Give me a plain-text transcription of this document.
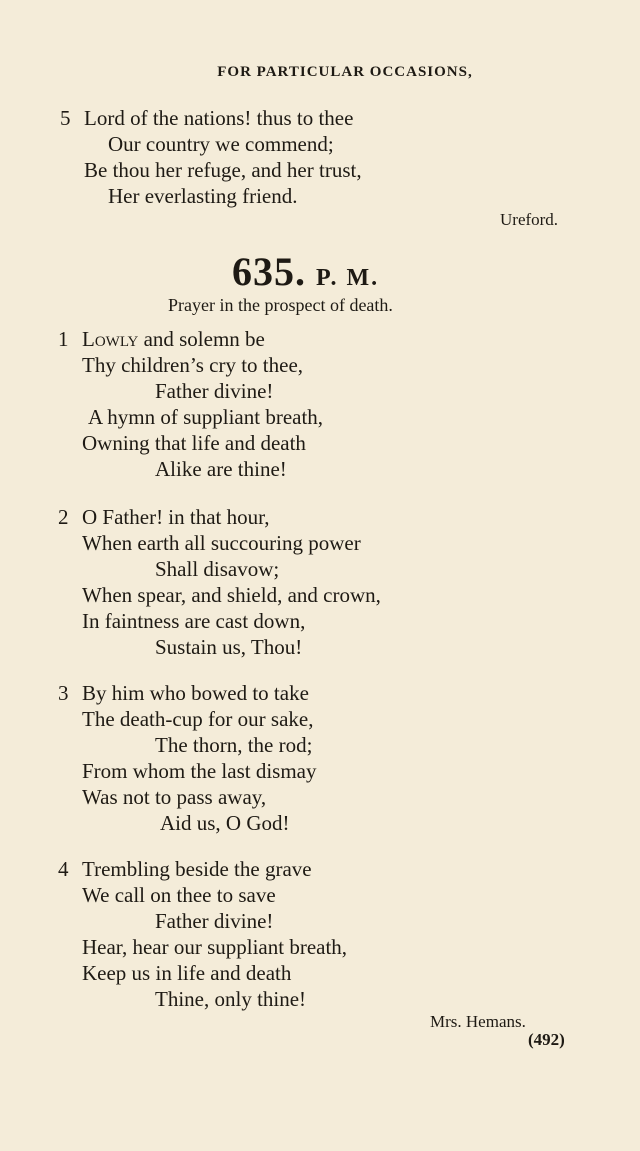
FOR PARTICULAR OCCASIONS,
5 Lord of the nations! thus to thee
Our country we commend;
Be thou her refuge, and her trust,
Her everlasting friend.
Ureford.
635. P. M.
Prayer in the prospect of death.
1 Lowly and solemn be
Thy children’s cry to thee,
Father divine!
A hymn of suppliant breath,
Owning that life and death
Alike are thine!
2 O Father! in that hour,
When earth all succouring power
Shall disavow;
When spear, and shield, and crown,
In faintness are cast down,
Sustain us, Thou!
3 By him who bowed to take
The death-cup for our sake,
The thorn, the rod;
From whom the last dismay
Was not to pass away,
Aid us, O God!
4 Trembling beside the grave
We call on thee to save
Father divine!
Hear, hear our suppliant breath,
Keep us in life and death
Thine, only thine!
Mrs. Hemans.
(492)
